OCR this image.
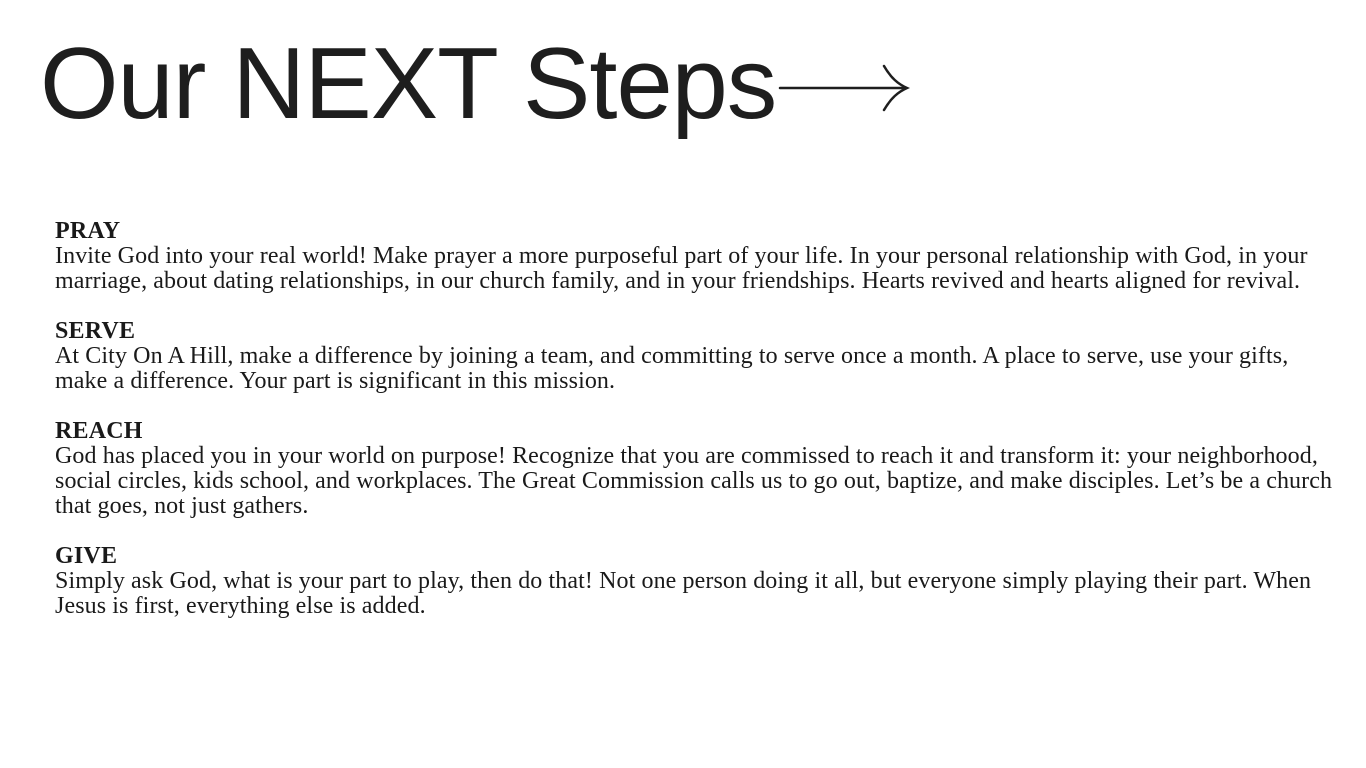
Our NEXT Steps

PRAY

Invite God into your real world! Make prayer a more purposeful part of your life. In your personal relationship with God, in your marriage, about dating relationships, in our church family, and in your friendships. Hearts revived and hearts aligned for revival.

SERVE

At City On A Hill, make a difference by joining a team, and committing to serve once a month. A place to serve, use your gifts, make a difference. Your part is significant in this mission.

REACH

God has placed you in your world on purpose! Recognize that you are commissed to reach it and transform it: your neighborhood, social circles, kids school, and workplaces. The Great Commission calls us to go out, baptize, and make disciples. Let’s be a church that goes, not just gathers.

GIVE

Simply ask God, what is your part to play, then do that! Not one person doing it all, but everyone simply playing their part. When Jesus is first, everything else is added.
